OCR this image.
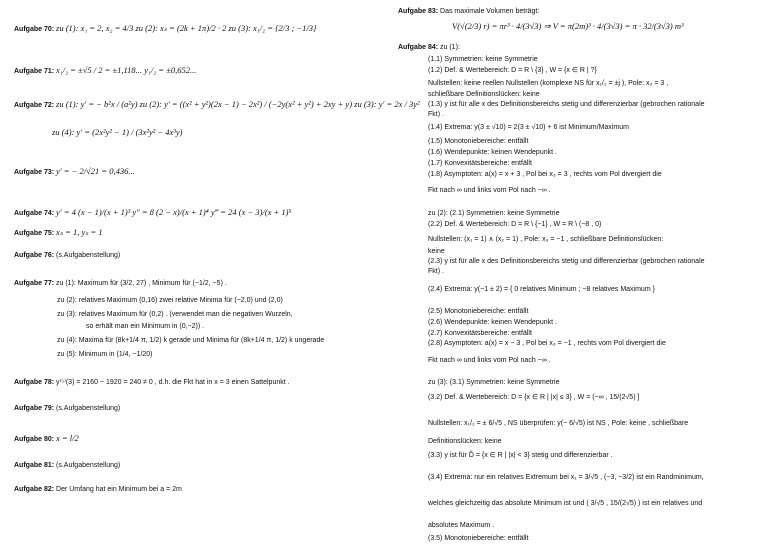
Aufgabe 70: zu (1): x₁ = 2, x₂ = 4/3 zu (2): xₛ = (2k + 1π)/2 · 2 zu (3): x₁/₂ = {2/3 ; −1/3}
Aufgabe 71: x₁/₂ = ±√5 / 2 = ±1,118... y₁/₂ = ±0,652...
Aufgabe 72: zu (1): y′ = − b²x / (a²y) zu (2): y′ = ((x² + y²)(2x − 1) − 2x²) / (−2y(x² + y²) + 2xy + y) zu (3): y′ = 2x / 3y²
zu (4): y′ = (2x²y² − 1) / (3x²y² − 4x³y)
Aufgabe 73: y′ = − 2/√21 = 0,436...
Aufgabe 74: y′ = 4 (x − 1)/(x + 1)³ y″ = 8 (2 − x)/(x + 1)⁴ y‴ = 24 (x − 3)/(x + 1)⁵
Aufgabe 75: xₛ = 1, yₛ = 1
Aufgabe 76: (s.Aufgabenstellung)
Aufgabe 77: zu (1): Maximum für (3/2, 27) , Minimum für (−1/2, −5) .
zu (2): relatives Maximum (0,16) zwei relative Minima für (−2,0) und (2,0)
zu (3): relatives Maximum für (0,2) . (verwendet man die negativen Wurzeln,
so erhält man ein Minimum in (0,−2)) .
zu (4): Maxima für (8k+1/4 π, 1/2) k gerade und Minima für (8k+1/4 π, 1/2) k ungerade
zu (5): Minimum in (1/4, −1/20)
Aufgabe 78: y⁽⁵⁾(3) = 2160 − 1920 = 240 ≠ 0 , d.h. die Fkt hat in x = 3 einen Sattelpunkt .
Aufgabe 79: (s.Aufgabenstellung)
Aufgabe 80: x = l/2
Aufgabe 81: (s.Aufgabenstellung)
Aufgabe 82: Der Umfang hat ein Minimum bei a = 2m
Aufgabe 83: Das maximale Volumen beträgt:
V(√(2/3) r) = πr³ · 4/(3√3) ⇒ V = π(2m)³ · 4/(3√3) = π · 32/(3√3) m³
Aufgabe 84: zu (1):
(1.1) Symmetrien: keine Symmetrie
(1.2) Def. & Wertebereich: D = R \ {3} , W = {x ∈ R | ?}
Nullstellen: keine reellen Nullstellen (komplexe NS für x₁/₂ = ±j ), Pole: x₃ = 3 ,
schließbare Definitionslücken: keine
(1.3) y ist für alle x des Definitionsbereichs stetig und differenzierbar (gebrochen rationale
Fkt) .
(1.4) Extrema: y(3 ± √10) = 2(3 ± √10) + 6 ist Minimum/Maximum
(1.5) Monotoniebereiche: entfällt
(1.6) Wendepunkte: keinen Wendepunkt .
(1.7) Konvexitätsbereiche: entfällt
(1.8) Asymptoten: a(x) = x + 3 , Pol bei x₃ = 3 , rechts vom Pol divergiert die
Fkt nach ∞ und links vom Pol nach −∞ .
zu (2): (2.1) Symmetrien: keine Symmetrie
(2.2) Def. & Wertebereich: D = R \ {−1} , W = R \ (−8 , 0)
Nullstellen: (x₁ = 1) ∧ (x₂ = 1) , Pole: x₃ = −1 , schließbare Definitionslücken:
keine
(2.3) y ist für alle x des Definitionsbereichs stetig und differenzierbar (gebrochen rationale
Fkt) .
(2.4) Extrema: y(−1 ± 2) = { 0 relatives Minimum ; −8 relatives Maximum }
(2.5) Monotoniebereiche: entfällt
(2.6) Wendepunkte: keinen Wendepunkt .
(2.7) Konvexitätsbereiche: entfällt
(2.8) Asymptoten: a(x) = x − 3 , Pol bei x₃ = −1 , rechts vom Pol divergiert die
Fkt nach ∞ und links vom Pol nach −∞ .
zu (3): (3.1) Symmetrien: keine Symmetrie
(3.2) Def. & Wertebereich: D = {x ∈ R | |x| ≤ 3} , W = (−∞ , 15/(2√5) ]
Nullstellen: x₁/₂ = ± 6/√5 , NS überprüfen: y(− 6/√5) ist NS , Pole: keine , schließbare
Definitionslücken: keine
(3.3) y ist für D̃ = {x ∈ R | |x| < 3} stetig und differenzierbar .
(3.4) Extrema: nur ein relatives Extremum bei x₁ = 3/√5 , (−3, −3/2) ist ein Randminimum,
welches gleichzeitig das absolute Minimum ist und ( 3/√5 , 15/(2√5) ) ist ein relatives und
absolutes Maximum .
(3.5) Monotoniebereiche: entfällt
